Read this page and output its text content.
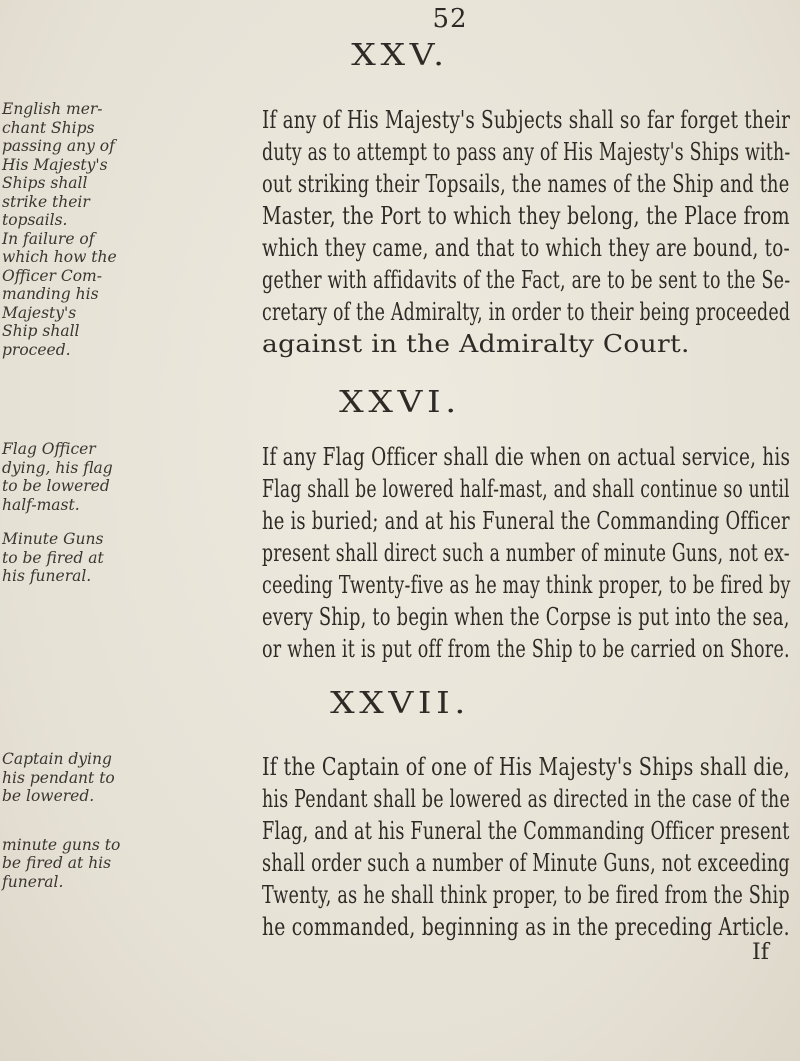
52
XXV.
English mer-
chant Ships
passing any of
His Majesty's
Ships shall
strike their
topsails.
In failure of
which how the
Officer Com-
manding his
Majesty's
Ship shall
proceed.
If any of His Majesty's Subjects shall so far forget their
duty as to attempt to pass any of His Majesty's Ships with-
out striking their Topsails, the names of the Ship and the
Master, the Port to which they belong, the Place from
which they came, and that to which they are bound, to-
gether with affidavits of the Fact, are to be sent to the Se-
cretary of the Admiralty, in order to their being proceeded
against in the Admiralty Court.
XXVI.
Flag Officer
dying, his flag
to be lowered
half-mast.
Minute Guns
to be fired at
his funeral.
If any Flag Officer shall die when on actual service, his
Flag shall be lowered half-mast, and shall continue so until
he is buried; and at his Funeral the Commanding Officer
present shall direct such a number of minute Guns, not ex-
ceeding Twenty-five as he may think proper, to be fired by
every Ship, to begin when the Corpse is put into the sea,
or when it is put off from the Ship to be carried on Shore.
XXVII.
Captain dying
his pendant to
be lowered.
minute guns to
be fired at his
funeral.
If the Captain of one of His Majesty's Ships shall die,
his Pendant shall be lowered as directed in the case of the
Flag, and at his Funeral the Commanding Officer present
shall order such a number of Minute Guns, not exceeding
Twenty, as he shall think proper, to be fired from the Ship
he commanded, beginning as in the preceding Article.
If
